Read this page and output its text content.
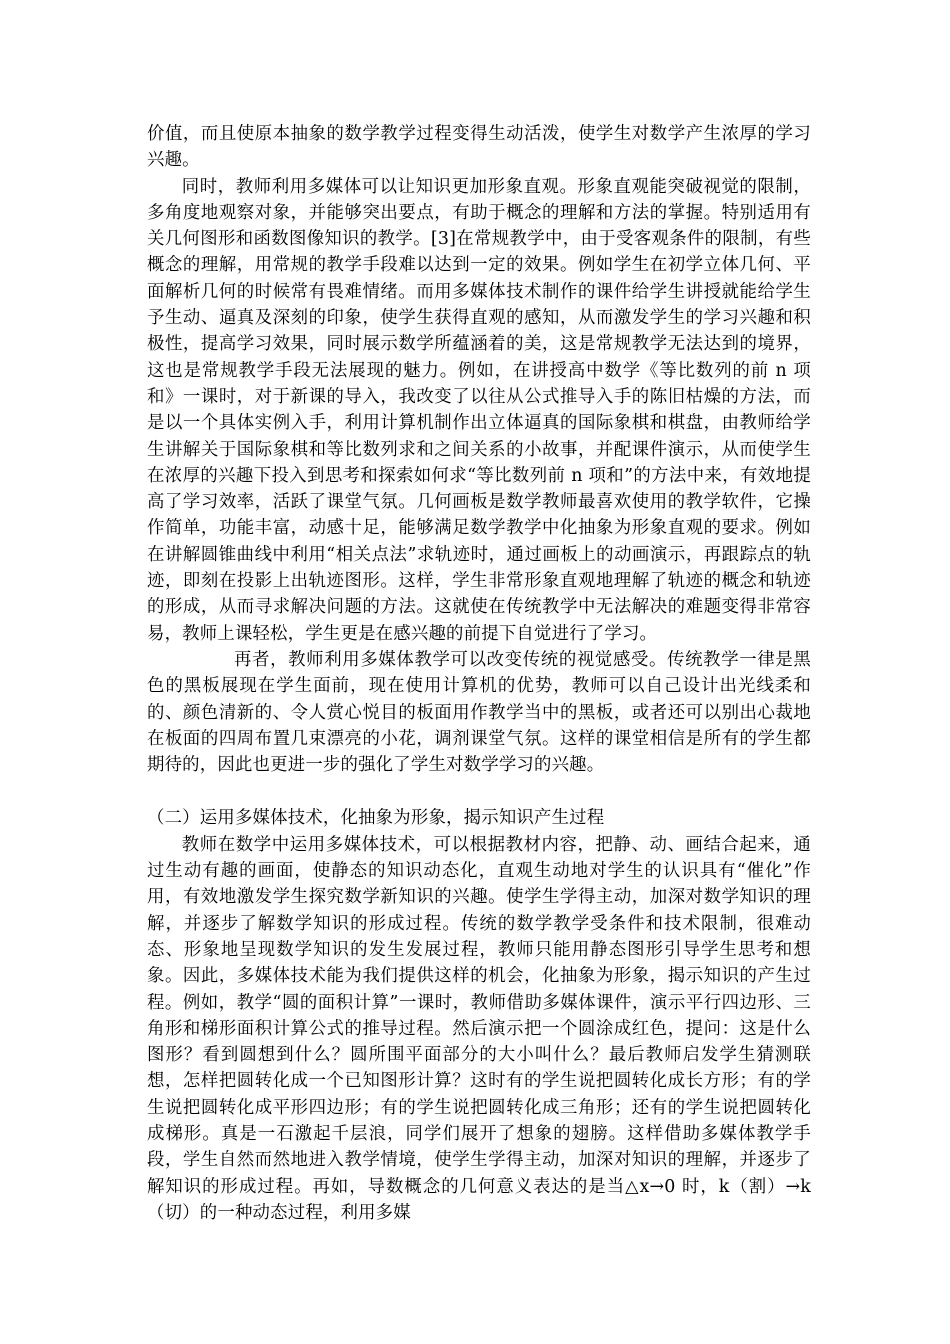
价值，而且使原本抽象的数学教学过程变得生动活泼，使学生对数学产生浓厚的学习兴趣。

同时，教师利用多媒体可以让知识更加形象直观。形象直观能突破视觉的限制，多角度地观察对象，并能够突出要点，有助于概念的理解和方法的掌握。特别适用有关几何图形和函数图像知识的教学。[3]在常规教学中，由于受客观条件的限制，有些概念的理解，用常规的教学手段难以达到一定的效果。例如学生在初学立体几何、平面解析几何的时候常有畏难情绪。而用多媒体技术制作的课件给学生讲授就能给学生予生动、逼真及深刻的印象，使学生获得直观的感知，从而激发学生的学习兴趣和积极性，提高学习效果，同时展示数学所蕴涵着的美，这是常规教学无法达到的境界，这也是常规教学手段无法展现的魅力。例如，在讲授高中数学《等比数列的前 n 项和》一课时，对于新课的导入，我改变了以往从公式推导入手的陈旧枯燥的方法，而是以一个具体实例入手，利用计算机制作出立体逼真的国际象棋和棋盘，由教师给学生讲解关于国际象棋和等比数列求和之间关系的小故事，并配课件演示，从而使学生在浓厚的兴趣下投入到思考和探索如何求“等比数列前 n 项和”的方法中来，有效地提高了学习效率，活跃了课堂气氛。几何画板是数学教师最喜欢使用的教学软件，它操作简单，功能丰富，动感十足，能够满足数学教学中化抽象为形象直观的要求。例如在讲解圆锥曲线中利用“相关点法”求轨迹时，通过画板上的动画演示，再跟踪点的轨迹，即刻在投影上出轨迹图形。这样，学生非常形象直观地理解了轨迹的概念和轨迹的形成，从而寻求解决问题的方法。这就使在传统教学中无法解决的难题变得非常容易，教师上课轻松，学生更是在感兴趣的前提下自觉进行了学习。

再者，教师利用多媒体教学可以改变传统的视觉感受。传统教学一律是黑色的黑板展现在学生面前，现在使用计算机的优势，教师可以自己设计出光线柔和的、颜色清新的、令人赏心悦目的板面用作教学当中的黑板，或者还可以别出心裁地在板面的四周布置几束漂亮的小花，调剂课堂气氛。这样的课堂相信是所有的学生都期待的，因此也更进一步的强化了学生对数学学习的兴趣。

（二）运用多媒体技术，化抽象为形象，揭示知识产生过程

教师在数学中运用多媒体技术，可以根据教材内容，把静、动、画结合起来，通过生动有趣的画面，使静态的知识动态化，直观生动地对学生的认识具有“催化”作用，有效地激发学生探究数学新知识的兴趣。使学生学得主动，加深对数学知识的理解，并逐步了解数学知识的形成过程。传统的数学教学受条件和技术限制，很难动态、形象地呈现数学知识的发生发展过程，教师只能用静态图形引导学生思考和想象。因此，多媒体技术能为我们提供这样的机会，化抽象为形象，揭示知识的产生过程。例如，教学“圆的面积计算”一课时，教师借助多媒体课件，演示平行四边形、三角形和梯形面积计算公式的推导过程。然后演示把一个圆涂成红色，提问：这是什么图形？看到圆想到什么？圆所围平面部分的大小叫什么？最后教师启发学生猜测联想，怎样把圆转化成一个已知图形计算？这时有的学生说把圆转化成长方形；有的学生说把圆转化成平形四边形；有的学生说把圆转化成三角形；还有的学生说把圆转化成梯形。真是一石激起千层浪，同学们展开了想象的翅膀。这样借助多媒体教学手段，学生自然而然地进入教学情境，使学生学得主动，加深对知识的理解，并逐步了解知识的形成过程。再如，导数概念的几何意义表达的是当△x→0 时，k（割）→k（切）的一种动态过程，利用多媒
